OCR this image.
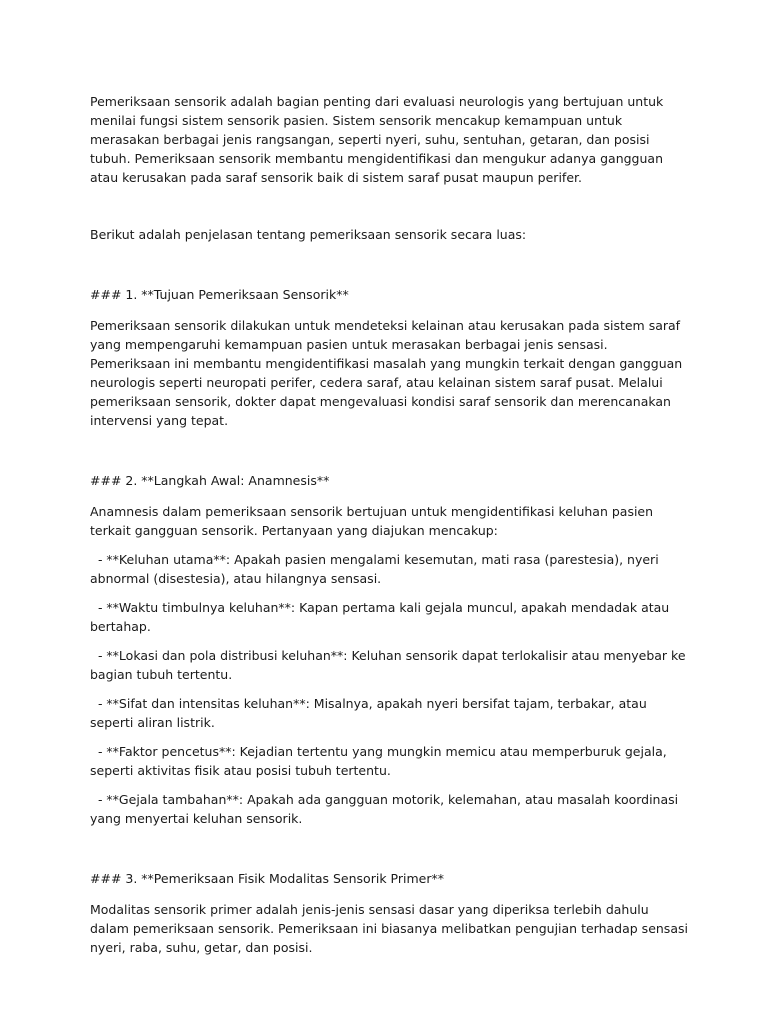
Pemeriksaan sensorik adalah bagian penting dari evaluasi neurologis yang bertujuan untuk menilai fungsi sistem sensorik pasien. Sistem sensorik mencakup kemampuan untuk merasakan berbagai jenis rangsangan, seperti nyeri, suhu, sentuhan, getaran, dan posisi tubuh. Pemeriksaan sensorik membantu mengidentifikasi dan mengukur adanya gangguan atau kerusakan pada saraf sensorik baik di sistem saraf pusat maupun perifer.

Berikut adalah penjelasan tentang pemeriksaan sensorik secara luas:

### 1. **Tujuan Pemeriksaan Sensorik**

Pemeriksaan sensorik dilakukan untuk mendeteksi kelainan atau kerusakan pada sistem saraf yang mempengaruhi kemampuan pasien untuk merasakan berbagai jenis sensasi. Pemeriksaan ini membantu mengidentifikasi masalah yang mungkin terkait dengan gangguan neurologis seperti neuropati perifer, cedera saraf, atau kelainan sistem saraf pusat. Melalui pemeriksaan sensorik, dokter dapat mengevaluasi kondisi saraf sensorik dan merencanakan intervensi yang tepat.

### 2. **Langkah Awal: Anamnesis**

Anamnesis dalam pemeriksaan sensorik bertujuan untuk mengidentifikasi keluhan pasien terkait gangguan sensorik. Pertanyaan yang diajukan mencakup:

- **Keluhan utama**: Apakah pasien mengalami kesemutan, mati rasa (parestesia), nyeri abnormal (disestesia), atau hilangnya sensasi.

- **Waktu timbulnya keluhan**: Kapan pertama kali gejala muncul, apakah mendadak atau bertahap.

- **Lokasi dan pola distribusi keluhan**: Keluhan sensorik dapat terlokalisir atau menyebar ke bagian tubuh tertentu.

- **Sifat dan intensitas keluhan**: Misalnya, apakah nyeri bersifat tajam, terbakar, atau seperti aliran listrik.

- **Faktor pencetus**: Kejadian tertentu yang mungkin memicu atau memperburuk gejala, seperti aktivitas fisik atau posisi tubuh tertentu.

- **Gejala tambahan**: Apakah ada gangguan motorik, kelemahan, atau masalah koordinasi yang menyertai keluhan sensorik.

### 3. **Pemeriksaan Fisik Modalitas Sensorik Primer**

Modalitas sensorik primer adalah jenis-jenis sensasi dasar yang diperiksa terlebih dahulu dalam pemeriksaan sensorik. Pemeriksaan ini biasanya melibatkan pengujian terhadap sensasi nyeri, raba, suhu, getar, dan posisi.
